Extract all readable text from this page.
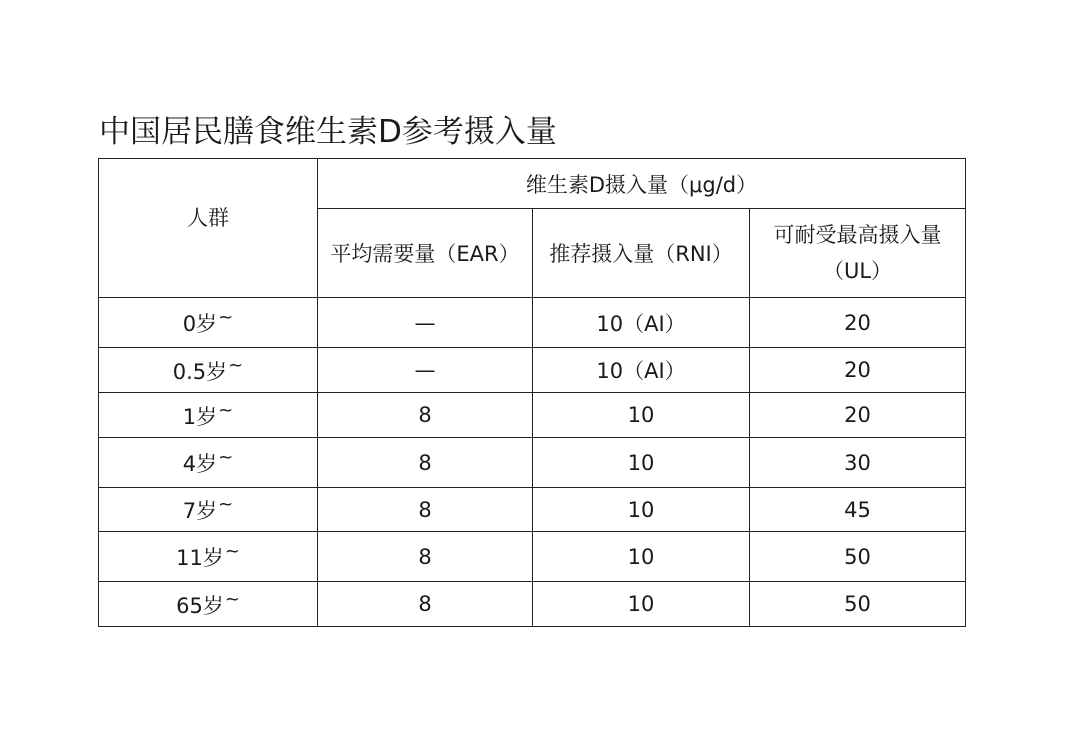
中国居民膳食维生素D参考摄入量
人群	维生素D摄入量（μg/d）		
	平均需要量（EAR）	推荐摄入量（RNI）	可耐受最高摄入量
（UL）

0岁~	—	10（AI）	20
0.5岁~	—	10（AI）	20
1岁~	8	10	20
4岁~	8	10	30
7岁~	8	10	45
11岁~	8	10	50
65岁~	8	10	50
